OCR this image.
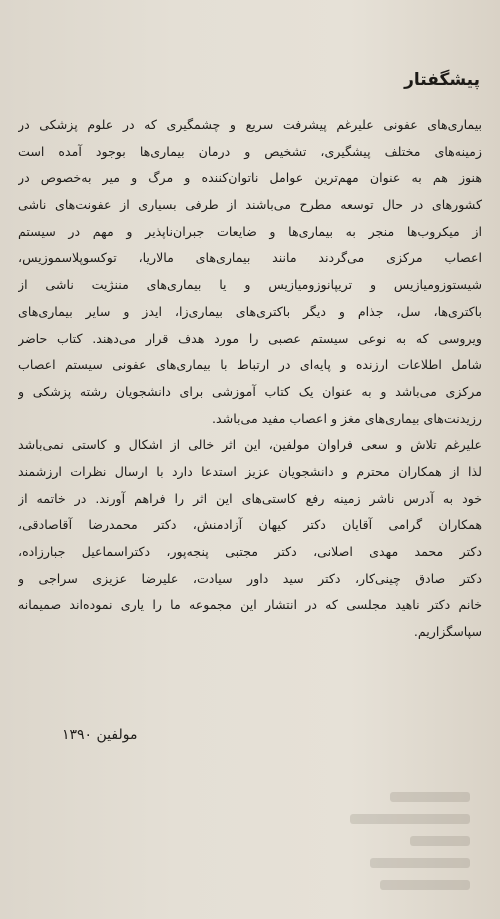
پیشگفتار

بیماری‌های عفونی علیرغم پیشرفت سریع و چشمگیری که در علوم پزشکی در

زمینه‌های مختلف پیشگیری، تشخیص و درمان بیماری‌ها بوجود آمده است

هنوز هم به عنوان مهم‌ترین عوامل ناتوان‌کننده و مرگ و میر به‌خصوص در

کشورهای در حال توسعه مطرح می‌باشند از طرفی بسیاری از عفونت‌های ناشی

از میکروب‌ها منجر به بیماری‌ها و ضایعات جبران‌ناپذیر و مهم در سیستم

اعصاب مرکزی می‌گردند مانند بیماری‌های مالاریا، توکسوپلاسموزیس،

شیستوزومیازیس و تریپانوزومیازیس و یا بیماری‌های مننژیت ناشی از

باکتری‌ها، سل، جذام و دیگر باکتری‌های بیماری‌زا، ایدز و سایر بیماری‌های

ویروسی که به نوعی سیستم عصبی را مورد هدف قرار می‌دهند. کتاب حاضر

شامل اطلاعات ارزنده و پایه‌ای در ارتباط با بیماری‌های عفونی سیستم اعصاب

مرکزی می‌باشد و به عنوان یک کتاب آموزشی برای دانشجویان رشته پزشکی و

رزیدنت‌های بیماری‌های مغز و اعصاب مفید می‌باشد.

علیرغم تلاش و سعی فراوان مولفین، این اثر خالی از اشکال و کاستی نمی‌باشد

لذا از همکاران محترم و دانشجویان عزیز استدعا دارد با ارسال نظرات ارزشمند

خود به آدرس ناشر زمینه رفع کاستی‌های این اثر را فراهم آورند. در خاتمه از

همکاران گرامی آقایان دکتر کیهان آزادمنش، دکتر محمدرضا آقاصادقی،

دکتر محمد مهدی اصلانی، دکتر مجتبی پنجه‌پور، دکتراسماعیل جبارزاده،

دکتر صادق چینی‌کار، دکتر سید داور سیادت، علیرضا عزیزی سراجی و

خانم دکتر ناهید مجلسی که در انتشار این مجموعه ما را یاری نموده‌اند صمیمانه

سپاسگزاریم.

مولفین ۱۳۹۰
